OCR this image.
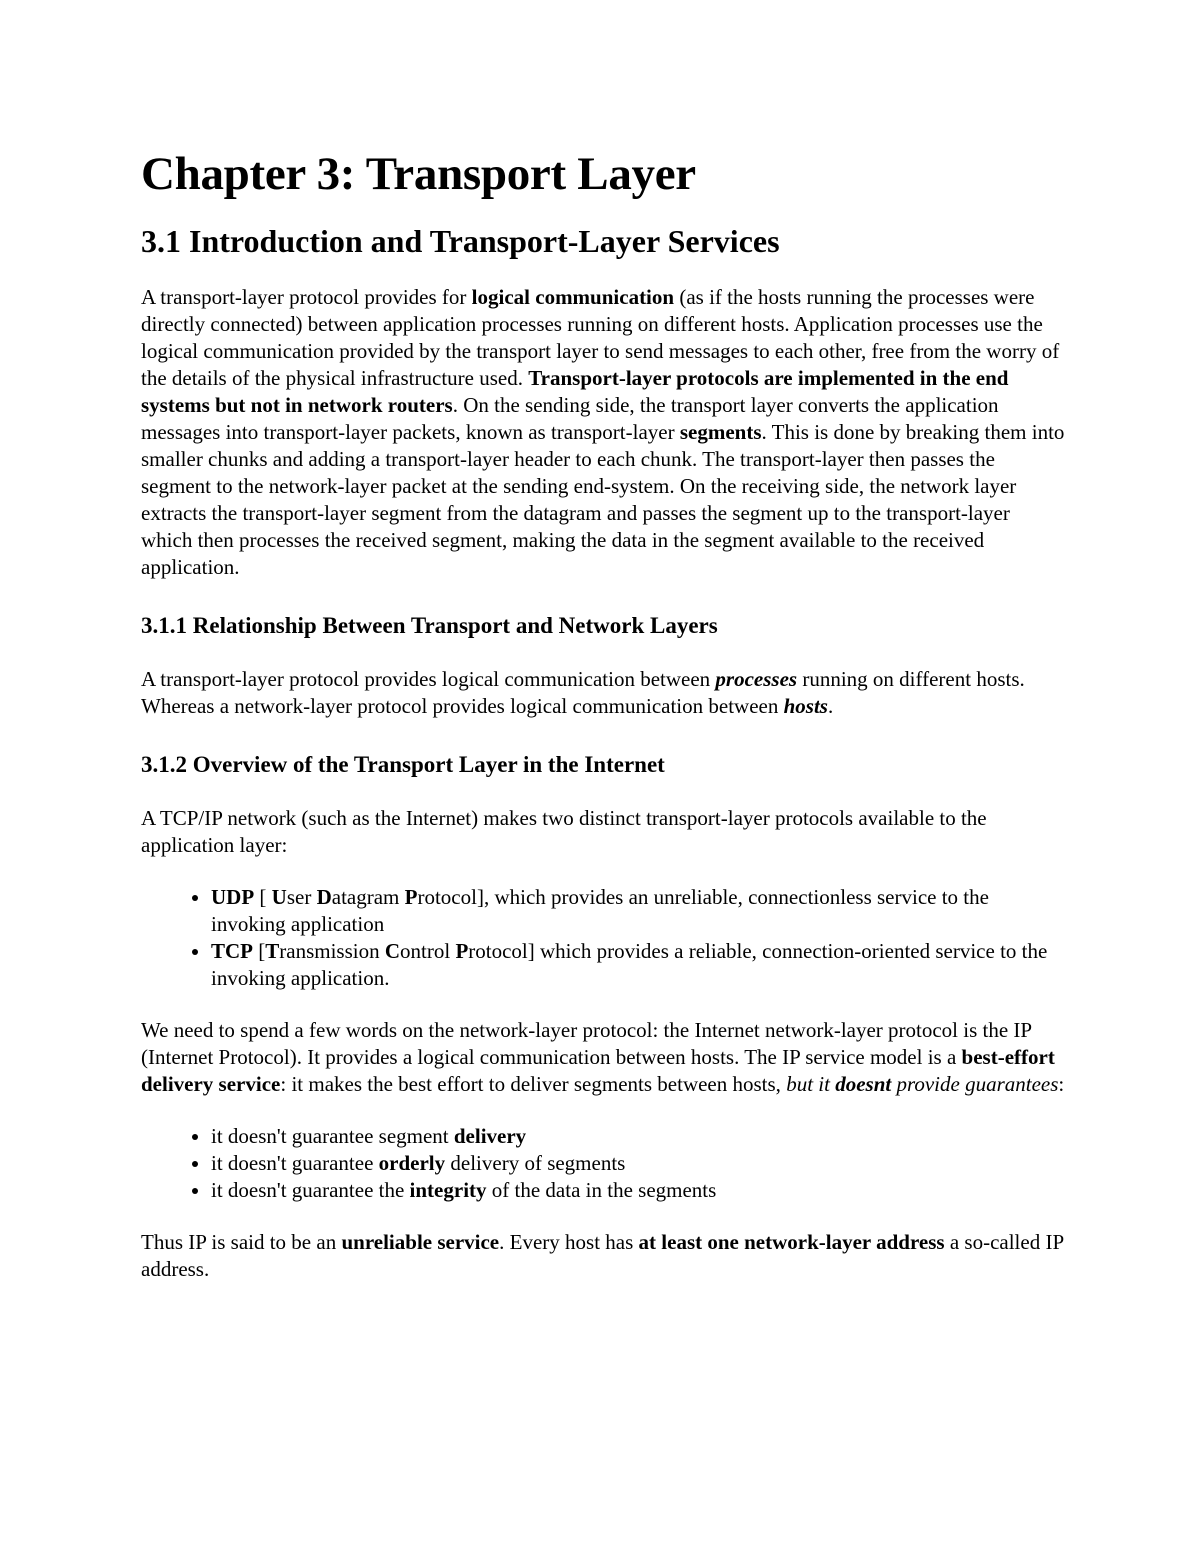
Chapter 3: Transport Layer
3.1 Introduction and Transport-Layer Services

A transport-layer protocol provides for logical communication (as if the hosts running the processes were directly connected) between application processes running on different hosts. Application processes use the logical communication provided by the transport layer to send messages to each other, free from the worry of the details of the physical infrastructure used. Transport-layer protocols are implemented in the end systems but not in network routers. On the sending side, the transport layer converts the application messages into transport-layer packets, known as transport-layer segments. This is done by breaking them into smaller chunks and adding a transport-layer header to each chunk. The transport-layer then passes the segment to the network-layer packet at the sending end-system. On the receiving side, the network layer extracts the transport-layer segment from the datagram and passes the segment up to the transport-layer which then processes the received segment, making the data in the segment available to the received application.

3.1.1 Relationship Between Transport and Network Layers

A transport-layer protocol provides logical communication between processes running on different hosts. Whereas a network-layer protocol provides logical communication between hosts.

3.1.2 Overview of the Transport Layer in the Internet

A TCP/IP network (such as the Internet) makes two distinct transport-layer protocols available to the application layer:

• UDP [ User Datagram Protocol], which provides an unreliable, connectionless service to the invoking application
• TCP [Transmission Control Protocol] which provides a reliable, connection-oriented service to the invoking application.

We need to spend a few words on the network-layer protocol: the Internet network-layer protocol is the IP (Internet Protocol). It provides a logical communication between hosts. The IP service model is a best-effort delivery service: it makes the best effort to deliver segments between hosts, but it doesnt provide guarantees:

• it doesn't guarantee segment delivery
• it doesn't guarantee orderly delivery of segments
• it doesn't guarantee the integrity of the data in the segments

Thus IP is said to be an unreliable service. Every host has at least one network-layer address a so-called IP address.
